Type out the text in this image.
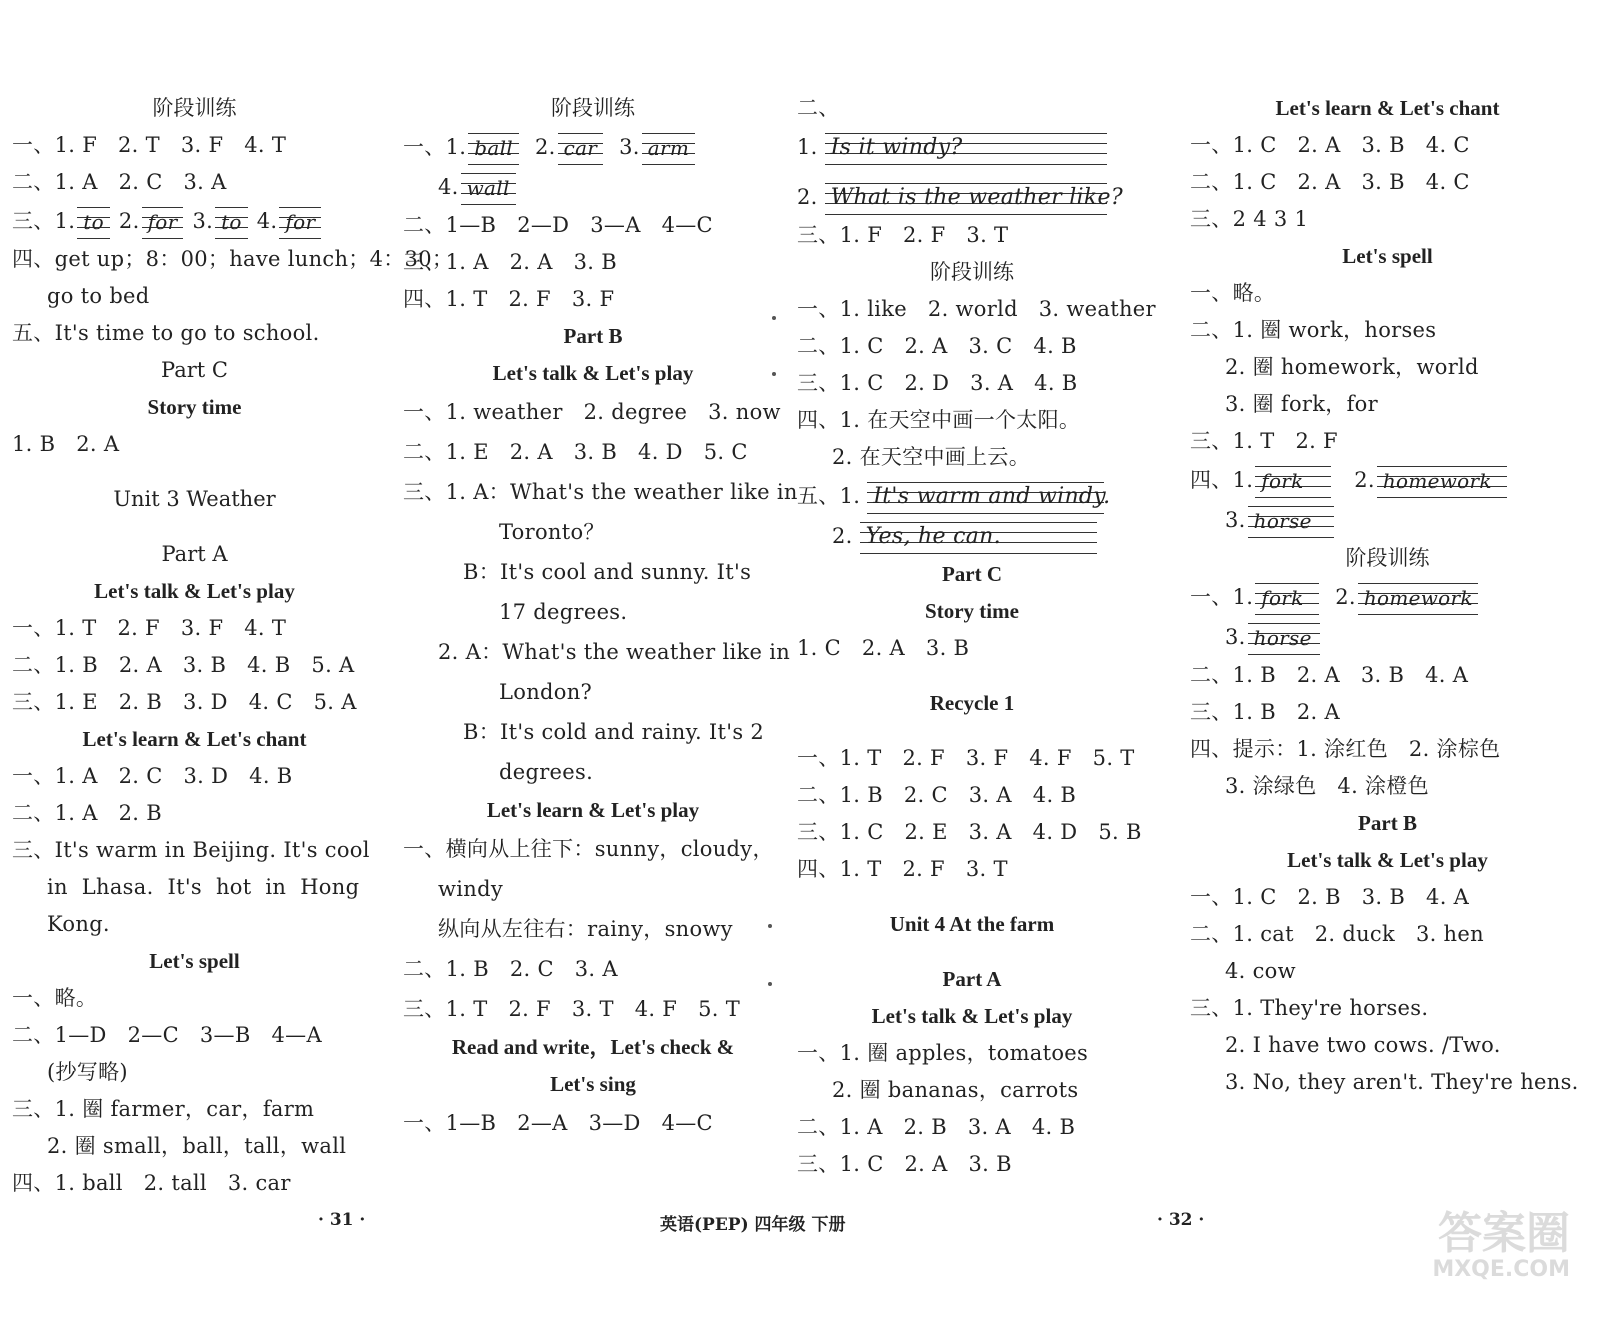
阶段训练
一、1. F   2. T   3. F   4. T
二、1. A   2. C   3. A
三、1. to 2. for 3. to 4. for
四、get up；8：00；have lunch；4：30；
go to bed
五、It's time to go to school.
Part C
Story time
1. B   2. A
Unit 3 Weather
Part A
Let's talk & Let's play
一、1. T   2. F   3. F   4. T
二、1. B   2. A   3. B   4. B   5. A
三、1. E   2. B   3. D   4. C   5. A
Let's learn & Let's chant
一、1. A   2. C   3. D   4. B
二、1. A   2. B
三、It's warm in Beijing. It's cool
in  Lhasa.  It's  hot  in  Hong
Kong.
Let's spell
一、略。
二、1—D   2—C   3—B   4—A
(抄写略)
三、1. 圈 farmer，car，farm
2. 圈 small，ball，tall，wall
四、1. ball   2. tall   3. car
阶段训练
一、1. ball 2. car 3. arm
4. wall
二、1—B   2—D   3—A   4—C
三、1. A   2. A   3. B
四、1. T   2. F   3. F
Part B
Let's talk & Let's play
一、1. weather   2. degree   3. now
二、1. E   2. A   3. B   4. D   5. C
三、1. A：What's the weather like in
Toronto？
B：It's cool and sunny. It's
17 degrees.
2. A：What's the weather like in
London?
B：It's cold and rainy. It's 2
degrees.
Let's learn & Let's play
一、横向从上往下：sunny，cloudy，
windy
纵向从左往右：rainy，snowy
二、1. B   2. C   3. A
三、1. T   2. F   3. T   4. F   5. T
Read and write，Let's check &
Let's sing
一、1—B   2—A   3—D   4—C
二、
1. Is it windy?
2. What is the weather like?
三、1. F   2. F   3. T
阶段训练
一、1. like   2. world   3. weather
二、1. C   2. A   3. C   4. B
三、1. C   2. D   3. A   4. B
四、1. 在天空中画一个太阳。
2. 在天空中画上云。
五、1. It's warm and windy.
2. Yes, he can.
Part C
Story time
1. C   2. A   3. B
Recycle 1
一、1. T   2. F   3. F   4. F   5. T
二、1. B   2. C   3. A   4. B
三、1. C   2. E   3. A   4. D   5. B
四、1. T   2. F   3. T
Unit 4 At the farm
Part A
Let's talk & Let's play
一、1. 圈 apples，tomatoes
2. 圈 bananas，carrots
二、1. A   2. B   3. A   4. B
三、1. C   2. A   3. B
Let's learn & Let's chant
一、1. C   2. A   3. B   4. C
二、1. C   2. A   3. B   4. C
三、2 4 3 1
Let's spell
一、略。
二、1. 圈 work，horses
2. 圈 homework，world
3. 圈 fork，for
三、1. T   2. F
四、1. fork 2. homework
3. horse
阶段训练
一、1. fork 2. homework
3. horse
二、1. B   2. A   3. B   4. A
三、1. B   2. A
四、提示：1. 涂红色   2. 涂棕色
3. 涂绿色   4. 涂橙色
Part B
Let's talk & Let's play
一、1. C   2. B   3. B   4. A
二、1. cat   2. duck   3. hen
4. cow
三、1. They're horses.
2. I have two cows. /Two.
3. No, they aren't. They're hens.
· 31 ·	英语(PEP) 四年级 下册	· 32 ·	答案圈
MXQE.COM
